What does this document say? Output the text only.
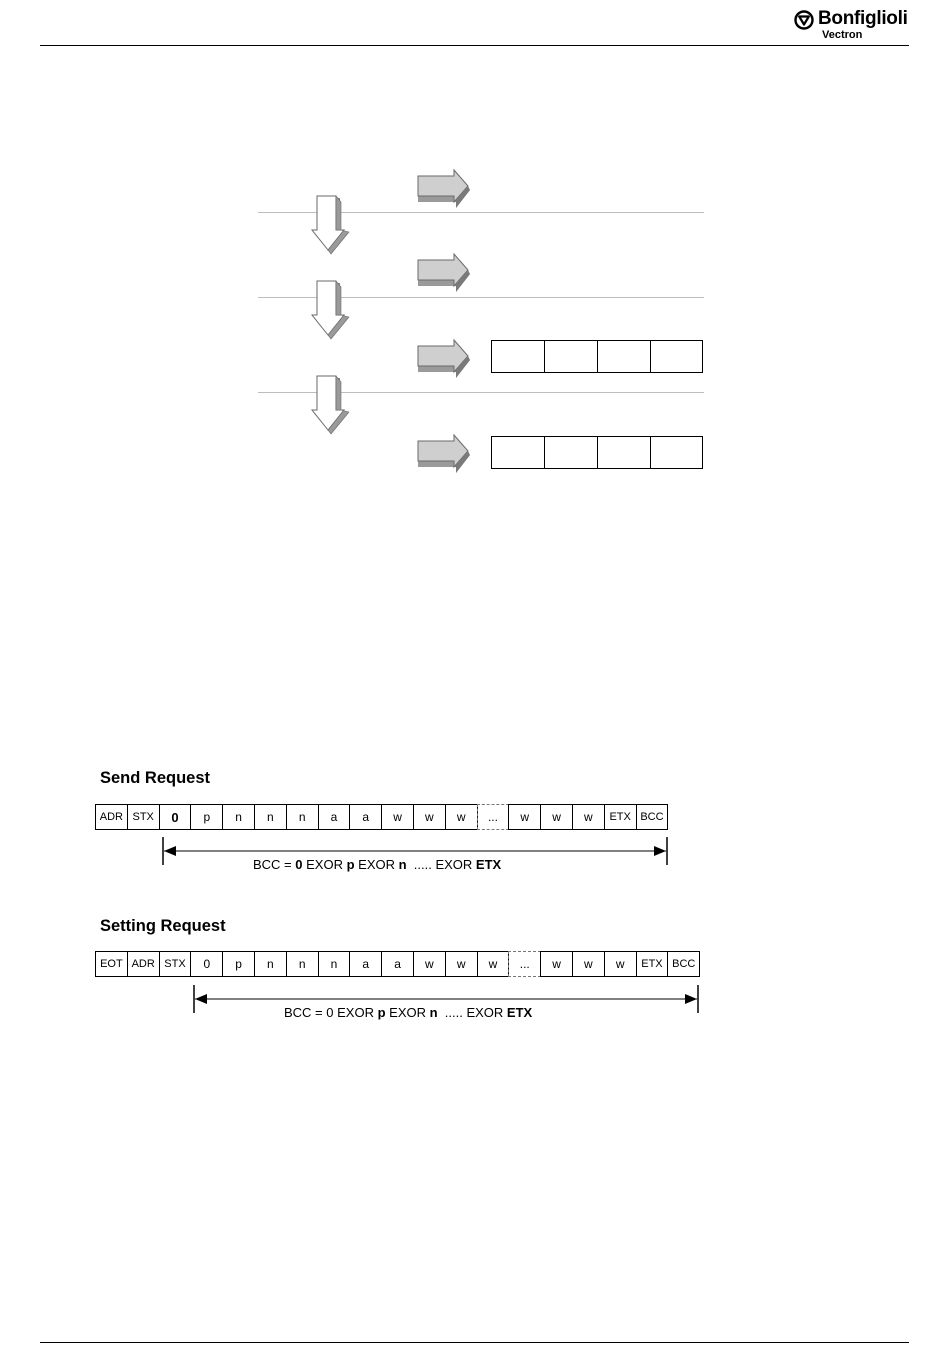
Bonfiglioli
Vectron
Send Request
ADR STX	0	p	n	n	n	a	a	w	w	w	...	w	w	w	ETX BCC
BCC = 0 EXOR p EXOR n  ..... EXOR ETX
Setting Request
EOT ADR STX	0	p	n	n	n	a	a	w	w	w	...	w	w	w	ETX BCC
BCC = 0 EXOR p EXOR n  ..... EXOR ETX
